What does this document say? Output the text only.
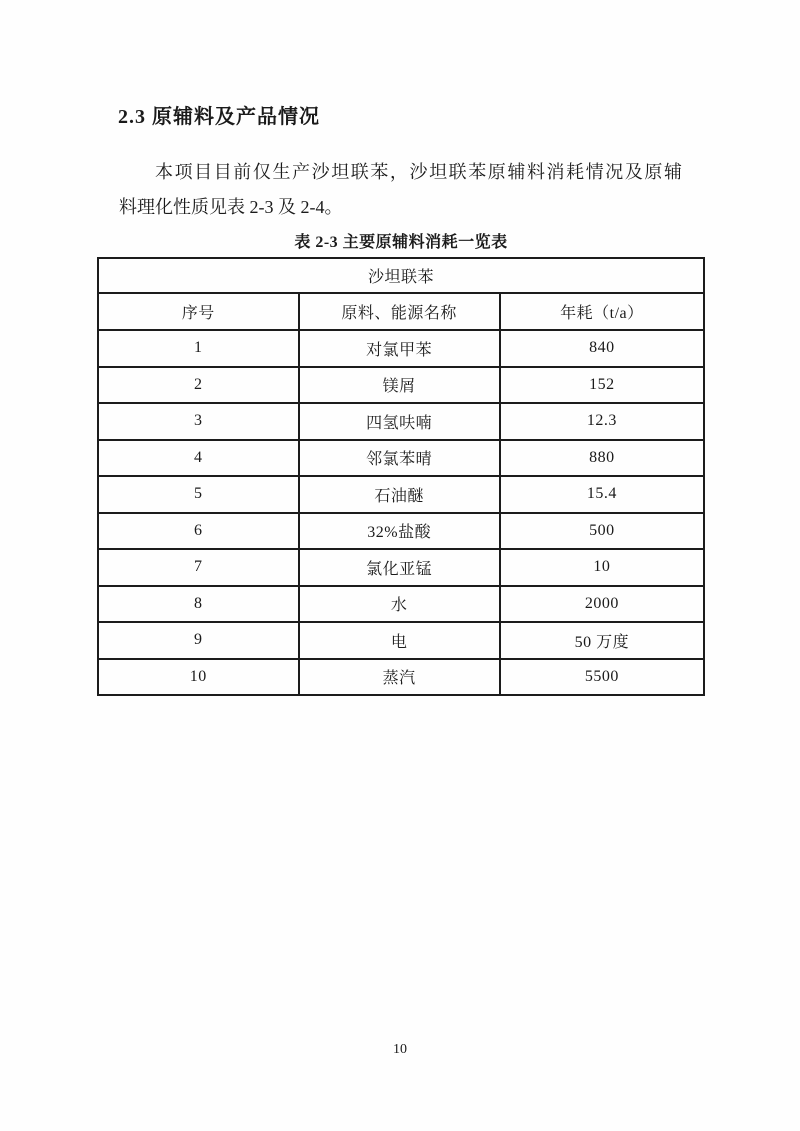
2.3 原辅料及产品情况
本项目目前仅生产沙坦联苯，沙坦联苯原辅料消耗情况及原辅
料理化性质见表 2-3 及 2-4。
表 2-3 主要原辅料消耗一览表
沙坦联苯		
序号	原料、能源名称	年耗（t/a）
1	对氯甲苯	840
2	镁屑	152
3	四氢呋喃	12.3
4	邻氯苯晴	880
5	石油醚	15.4
6	32%盐酸	500
7	氯化亚锰	10
8	水	2000
9	电	50 万度
10	蒸汽	5500
10
